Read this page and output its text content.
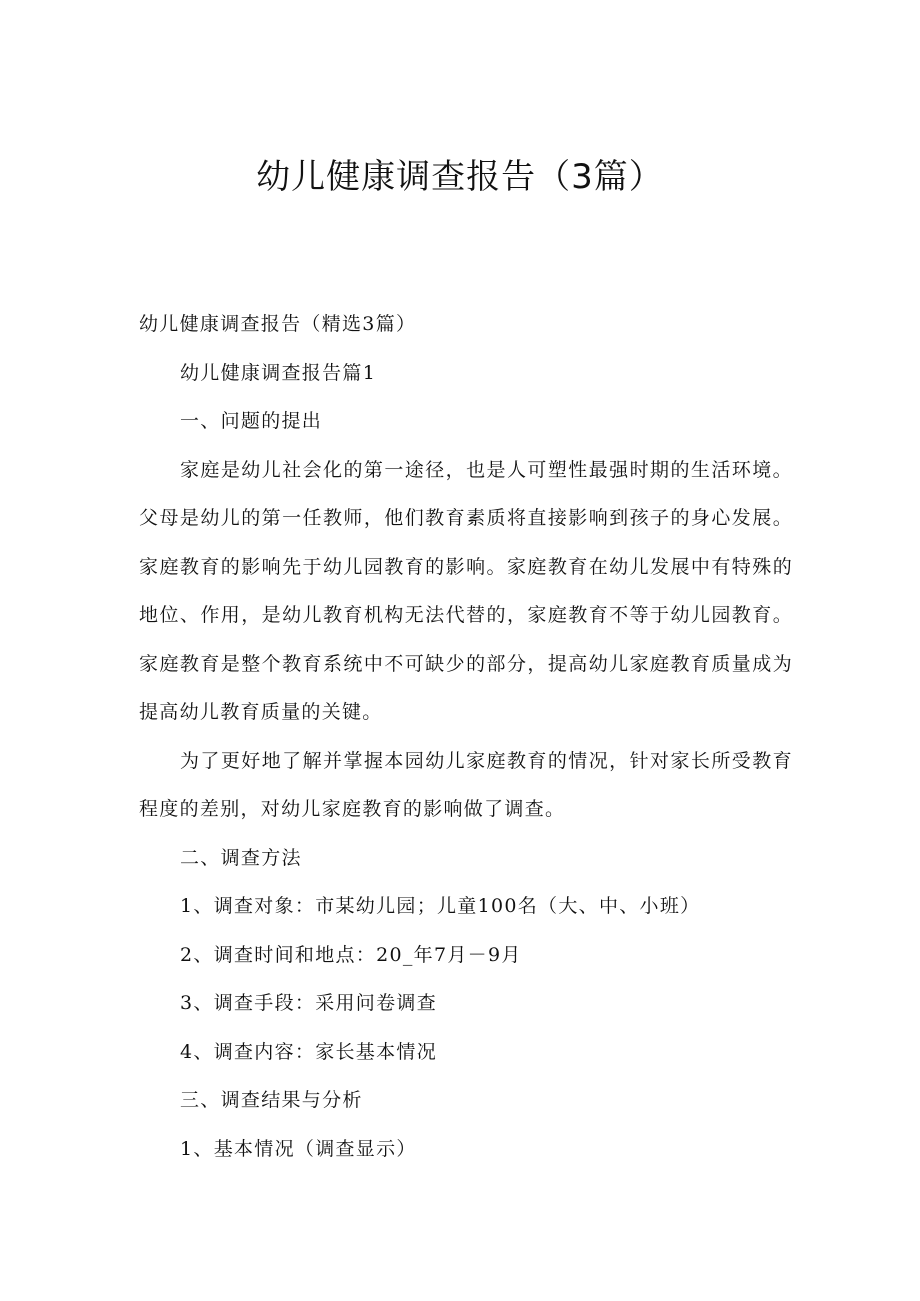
幼儿健康调查报告（3篇）

幼儿健康调查报告（精选3篇）

幼儿健康调查报告篇1

一、问题的提出

家庭是幼儿社会化的第一途径，也是人可塑性最强时期的生活环境。父母是幼儿的第一任教师，他们教育素质将直接影响到孩子的身心发展。家庭教育的影响先于幼儿园教育的影响。家庭教育在幼儿发展中有特殊的地位、作用，是幼儿教育机构无法代替的，家庭教育不等于幼儿园教育。家庭教育是整个教育系统中不可缺少的部分，提高幼儿家庭教育质量成为提高幼儿教育质量的关键。

为了更好地了解并掌握本园幼儿家庭教育的情况，针对家长所受教育程度的差别，对幼儿家庭教育的影响做了调查。

二、调查方法

1、调查对象：市某幼儿园；儿童100名（大、中、小班）

2、调查时间和地点：20_年7月－9月

3、调查手段：采用问卷调查

4、调查内容：家长基本情况

三、调查结果与分析

1、基本情况（调查显示）
